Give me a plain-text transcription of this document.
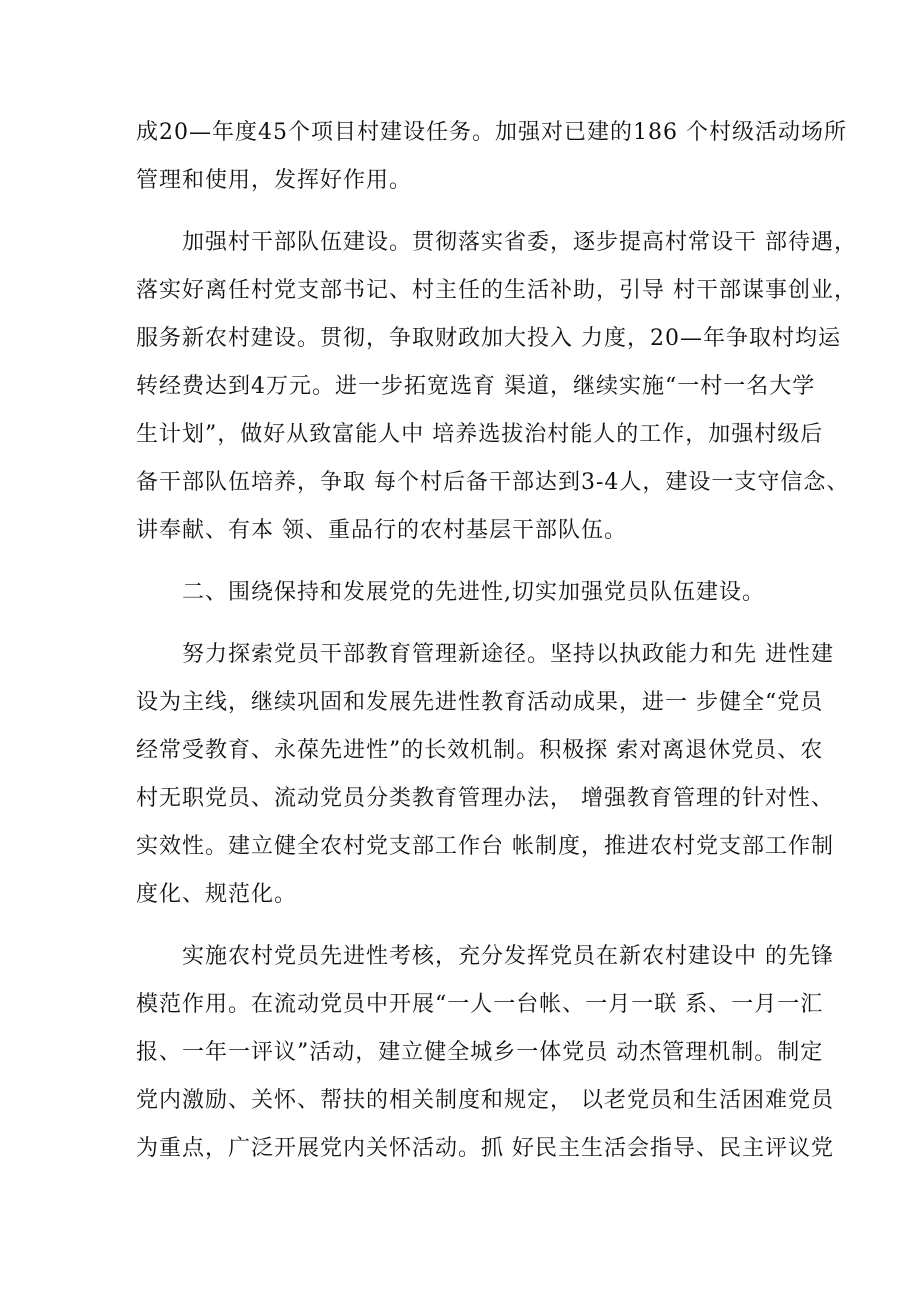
成20—年度45个项目村建设任务。加强对已建的186 个村级活动场所
管理和使用，发挥好作用。
加强村干部队伍建设。贯彻落实省委，逐步提高村常设干 部待遇，
落实好离任村党支部书记、村主任的生活补助，引导 村干部谋事创业，
服务新农村建设。贯彻，争取财政加大投入 力度，20—年争取村均运
转经费达到4万元。进一步拓宽选育 渠道，继续实施“一村一名大学
生计划”，做好从致富能人中 培养选拔治村能人的工作，加强村级后
备干部队伍培养，争取 每个村后备干部达到3-4人，建设一支守信念、
讲奉献、有本 领、重品行的农村基层干部队伍。
二、围绕保持和发展党的先进性,切实加强党员队伍建设。
努力探索党员干部教育管理新途径。坚持以执政能力和先 进性建
设为主线，继续巩固和发展先进性教育活动成果，进一 步健全“党员
经常受教育、永葆先进性”的长效机制。积极探 索对离退休党员、农
村无职党员、流动党员分类教育管理办法， 增强教育管理的针对性、
实效性。建立健全农村党支部工作台 帐制度，推进农村党支部工作制
度化、规范化。
实施农村党员先进性考核，充分发挥党员在新农村建设中 的先锋
模范作用。在流动党员中开展“一人一台帐、一月一联 系、一月一汇
报、一年一评议”活动，建立健全城乡一体党员 动杰管理机制。制定
党内激励、关怀、帮扶的相关制度和规定， 以老党员和生活困难党员
为重点，广泛开展党内关怀活动。抓 好民主生活会指导、民主评议党
